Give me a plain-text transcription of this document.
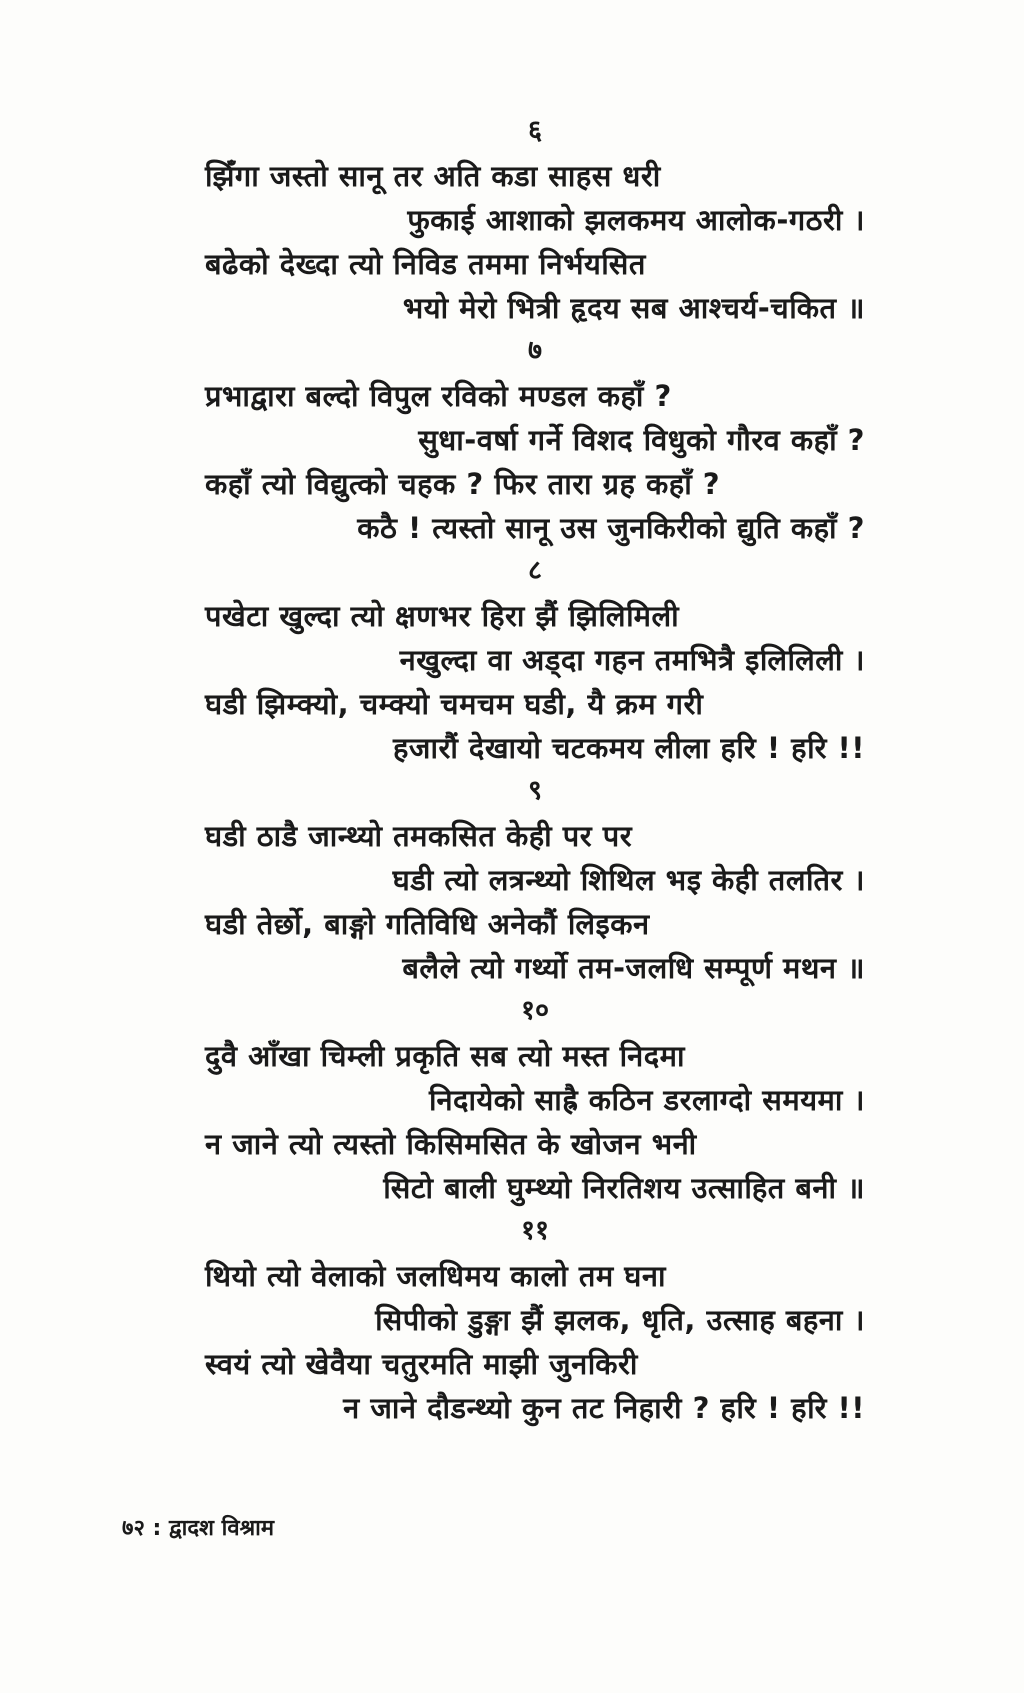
६
झिँगा जस्तो सानू तर अति कडा साहस धरी
फुकाई आशाको झलकमय आलोक-गठरी ।
बढेको देख्दा त्यो निविड तममा निर्भयसित
भयो मेरो भित्री हृदय सब आश्चर्य-चकित ॥
७
प्रभाद्वारा बल्दो विपुल रविको मण्डल कहाँ ?
सुधा-वर्षा गर्ने विशद विधुको गौरव कहाँ ?
कहाँ त्यो विद्युत्को चहक ? फिर तारा ग्रह कहाँ ?
कठै ! त्यस्तो सानू उस जुनकिरीको द्युति कहाँ ?
८
पखेटा खुल्दा त्यो क्षणभर हिरा झैं झिलिमिली
नखुल्दा वा अड्दा गहन तमभित्रै इलिलिली ।
घडी झिम्क्यो, चम्क्यो चमचम घडी, यै क्रम गरी
हजारौं देखायो चटकमय लीला हरि ! हरि !!
९
घडी ठाडै जान्थ्यो तमकसित केही पर पर
घडी त्यो लत्रन्थ्यो शिथिल भइ केही तलतिर ।
घडी तेर्छो, बाङ्गो गतिविधि अनेकौं लिइकन
बलैले त्यो गर्थ्यो तम-जलधि सम्पूर्ण मथन ॥
१०
दुवै आँखा चिम्ली प्रकृति सब त्यो मस्त निदमा
निदायेको साह्रै कठिन डरलाग्दो समयमा ।
न जाने त्यो त्यस्तो किसिमसित के खोजन भनी
सिटो बाली घुम्थ्यो निरतिशय उत्साहित बनी ॥
११
थियो त्यो वेलाको जलधिमय कालो तम घना
सिपीको डुङ्गा झैं झलक, धृति, उत्साह बहना ।
स्वयं त्यो खेवैया चतुरमति माझी जुनकिरी
न जाने दौडन्थ्यो कुन तट निहारी ? हरि ! हरि !!
७२ : द्वादश विश्राम
